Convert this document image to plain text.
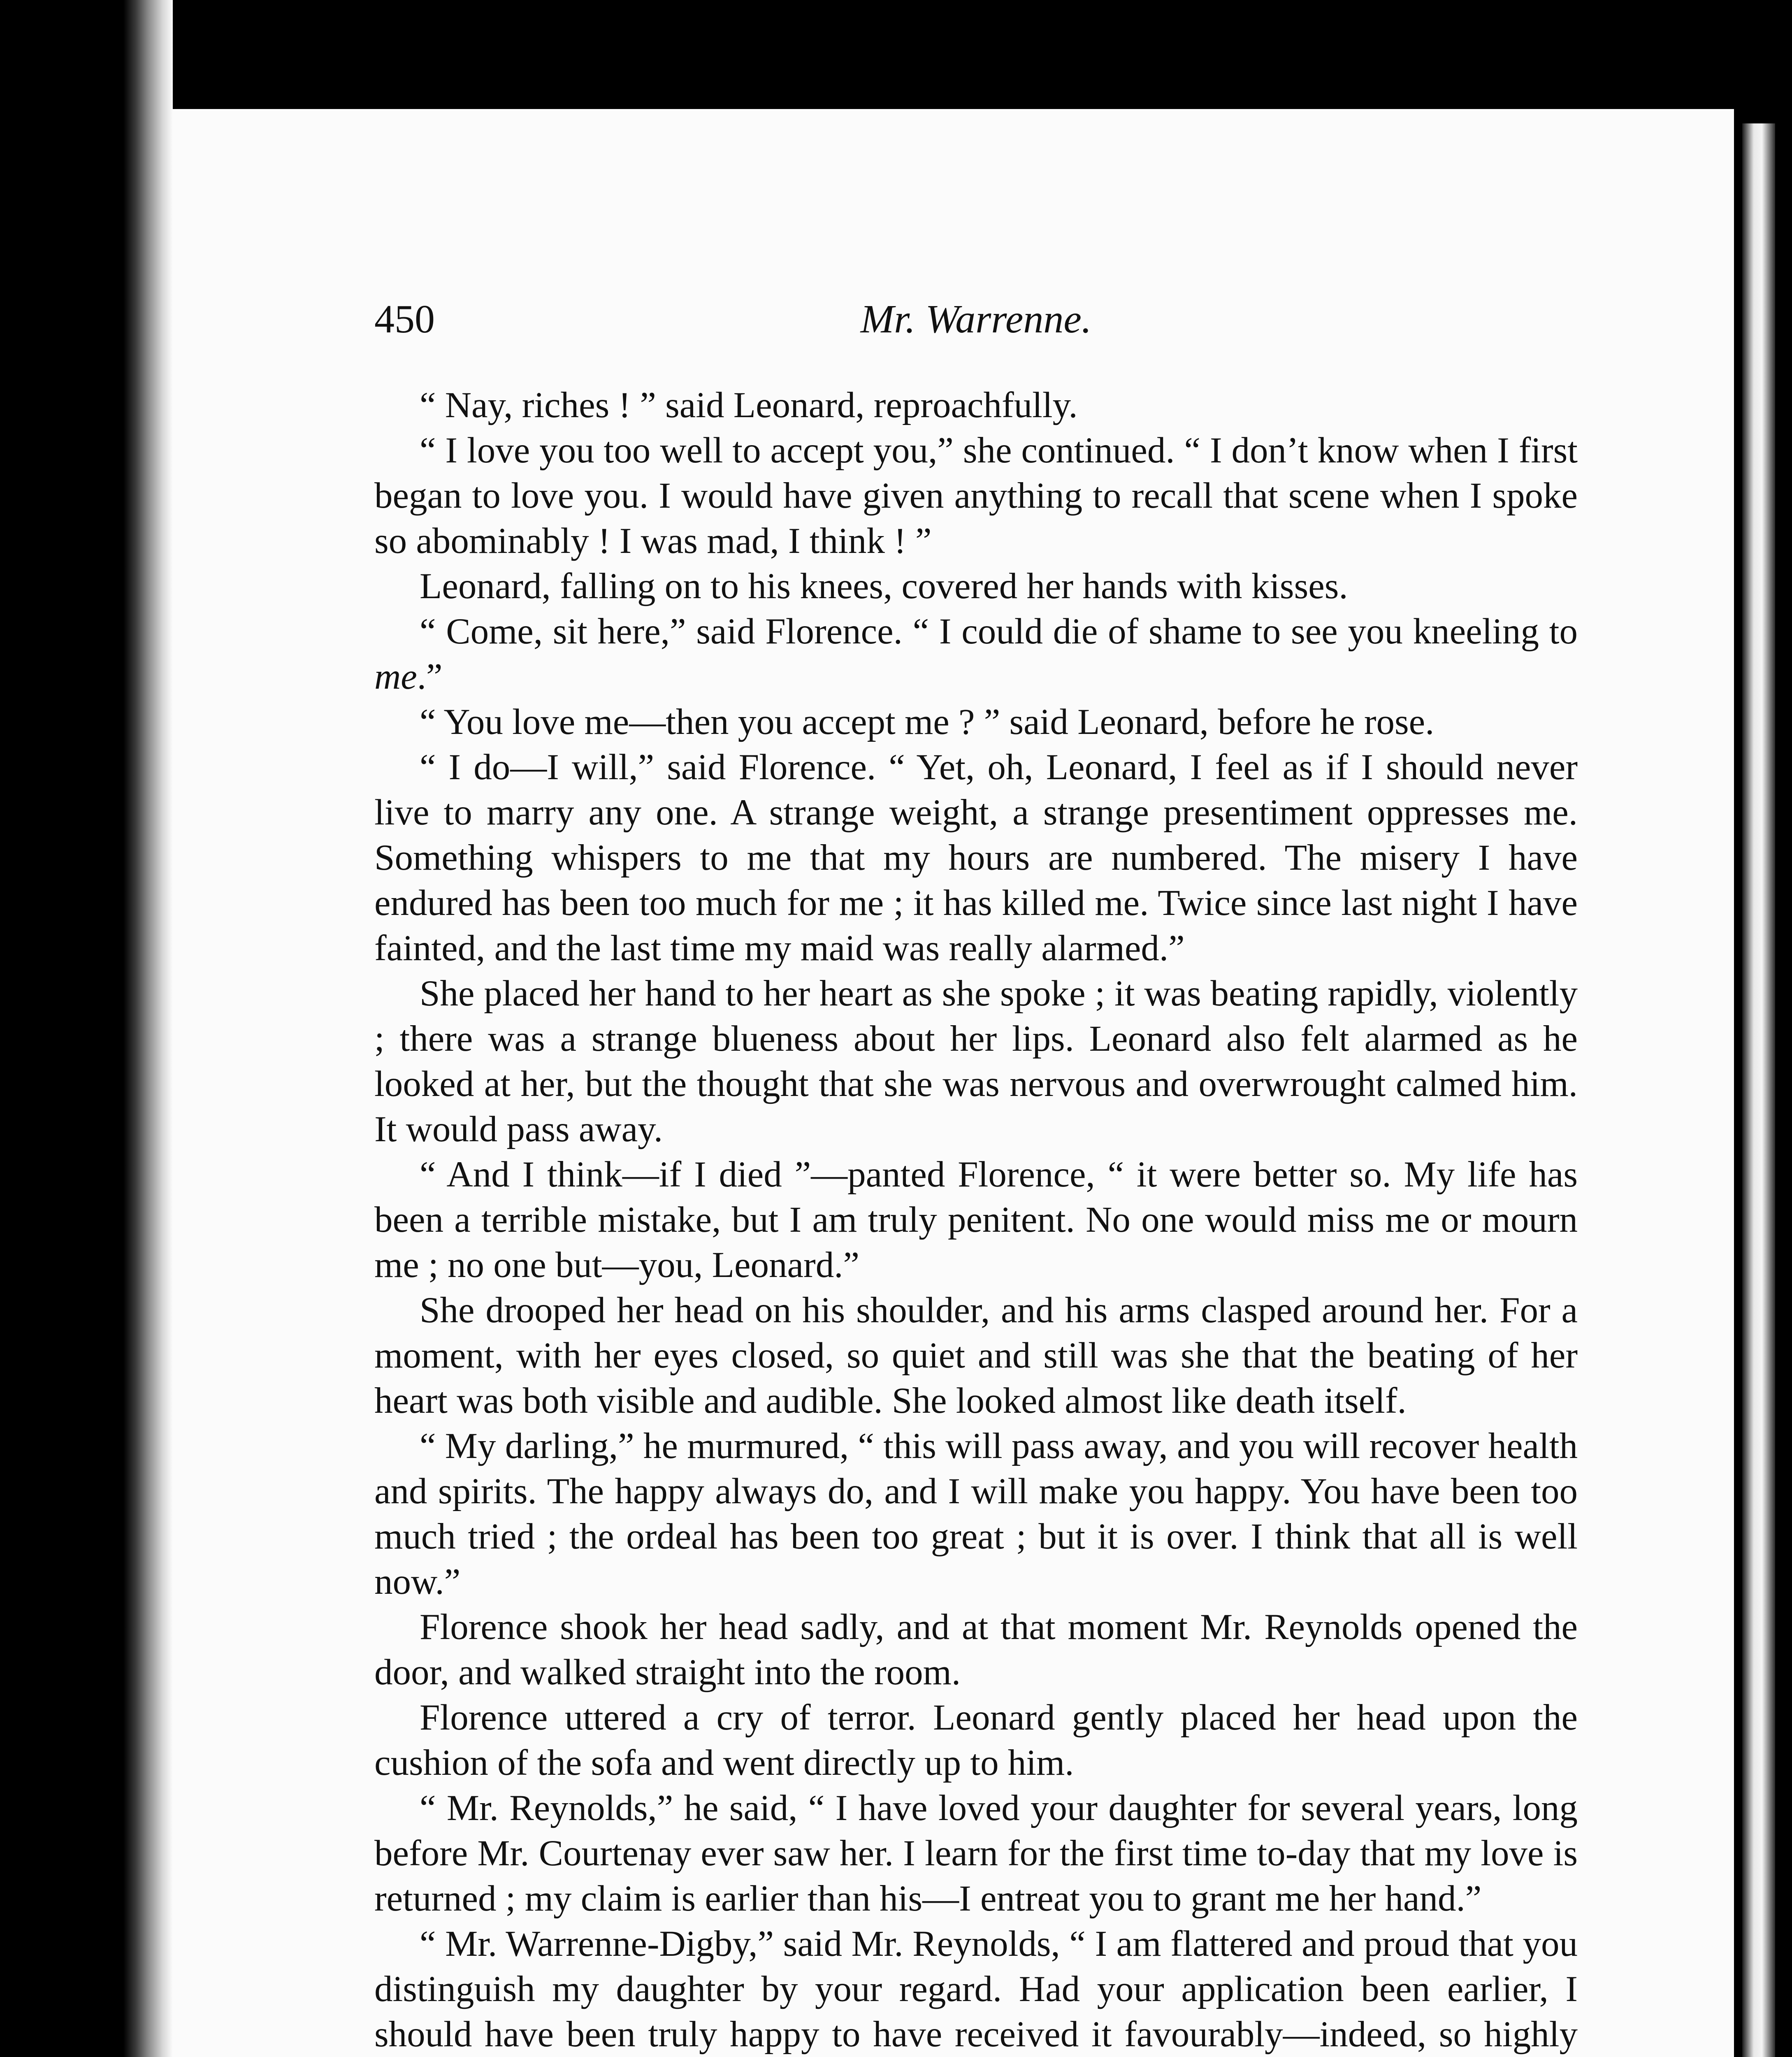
450	Mr. Warrenne.

“ Nay, riches ! ” said Leonard, reproachfully.

“ I love you too well to accept you,” she continued. “ I don’t know when I first began to love you. I would have given anything to recall that scene when I spoke so abominably ! I was mad, I think ! ”

Leonard, falling on to his knees, covered her hands with kisses.

“ Come, sit here,” said Florence. “ I could die of shame to see you kneeling to me.”

“ You love me—then you accept me ? ” said Leonard, before he rose.

“ I do—I will,” said Florence. “ Yet, oh, Leonard, I feel as if I should never live to marry any one. A strange weight, a strange presentiment oppresses me. Something whispers to me that my hours are numbered. The misery I have endured has been too much for me ; it has killed me. Twice since last night I have fainted, and the last time my maid was really alarmed.”

She placed her hand to her heart as she spoke ; it was beating rapidly, violently ; there was a strange blueness about her lips. Leonard also felt alarmed as he looked at her, but the thought that she was nervous and overwrought calmed him. It would pass away.

“ And I think—if I died ”—panted Florence, “ it were better so. My life has been a terrible mistake, but I am truly penitent. No one would miss me or mourn me ; no one but—you, Leonard.”

She drooped her head on his shoulder, and his arms clasped around her. For a moment, with her eyes closed, so quiet and still was she that the beating of her heart was both visible and audible. She looked almost like death itself.

“ My darling,” he murmured, “ this will pass away, and you will recover health and spirits. The happy always do, and I will make you happy. You have been too much tried ; the ordeal has been too great ; but it is over. I think that all is well now.”

Florence shook her head sadly, and at that moment Mr. Reynolds opened the door, and walked straight into the room.

Florence uttered a cry of terror. Leonard gently placed her head upon the cushion of the sofa and went directly up to him.

“ Mr. Reynolds,” he said, “ I have loved your daughter for several years, long before Mr. Courtenay ever saw her. I learn for the first time to-day that my love is returned ; my claim is earlier than his—I entreat you to grant me her hand.”

“ Mr. Warrenne-Digby,” said Mr. Reynolds, “ I am flattered and proud that you distinguish my daughter by your regard. Had your application been earlier, I should have been truly happy to have received it favourably—indeed, so highly
